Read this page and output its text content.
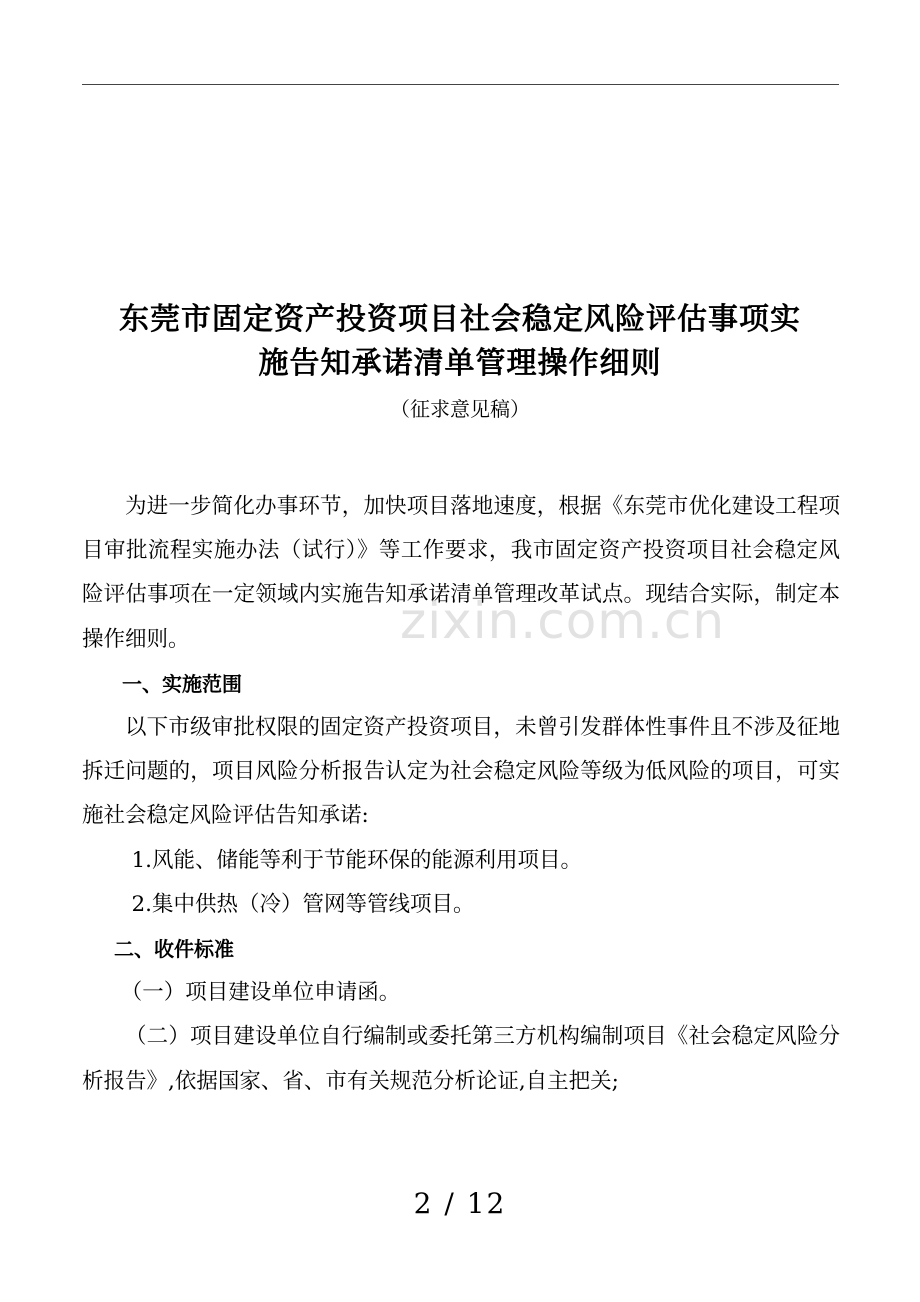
东莞市固定资产投资项目社会稳定风险评估事项实
施告知承诺清单管理操作细则
（征求意见稿）

为进一步简化办事环节，加快项目落地速度，根据《东莞市优化建设工程项目审批流程实施办法（试行）》等工作要求，我市固定资产投资项目社会稳定风险评估事项在一定领域内实施告知承诺清单管理改革试点。现结合实际，制定本操作细则。

一、实施范围

以下市级审批权限的固定资产投资项目，未曾引发群体性事件且不涉及征地拆迁问题的，项目风险分析报告认定为社会稳定风险等级为低风险的项目，可实施社会稳定风险评估告知承诺:

1.风能、储能等利于节能环保的能源利用项目。

2.集中供热（冷）管网等管线项目。

二、收件标准

（一）项目建设单位申请函。

（二）项目建设单位自行编制或委托第三方机构编制项目《社会稳定风险分析报告》,依据国家、省、市有关规范分析论证,自主把关;

zixin.com.cn
2 / 12
